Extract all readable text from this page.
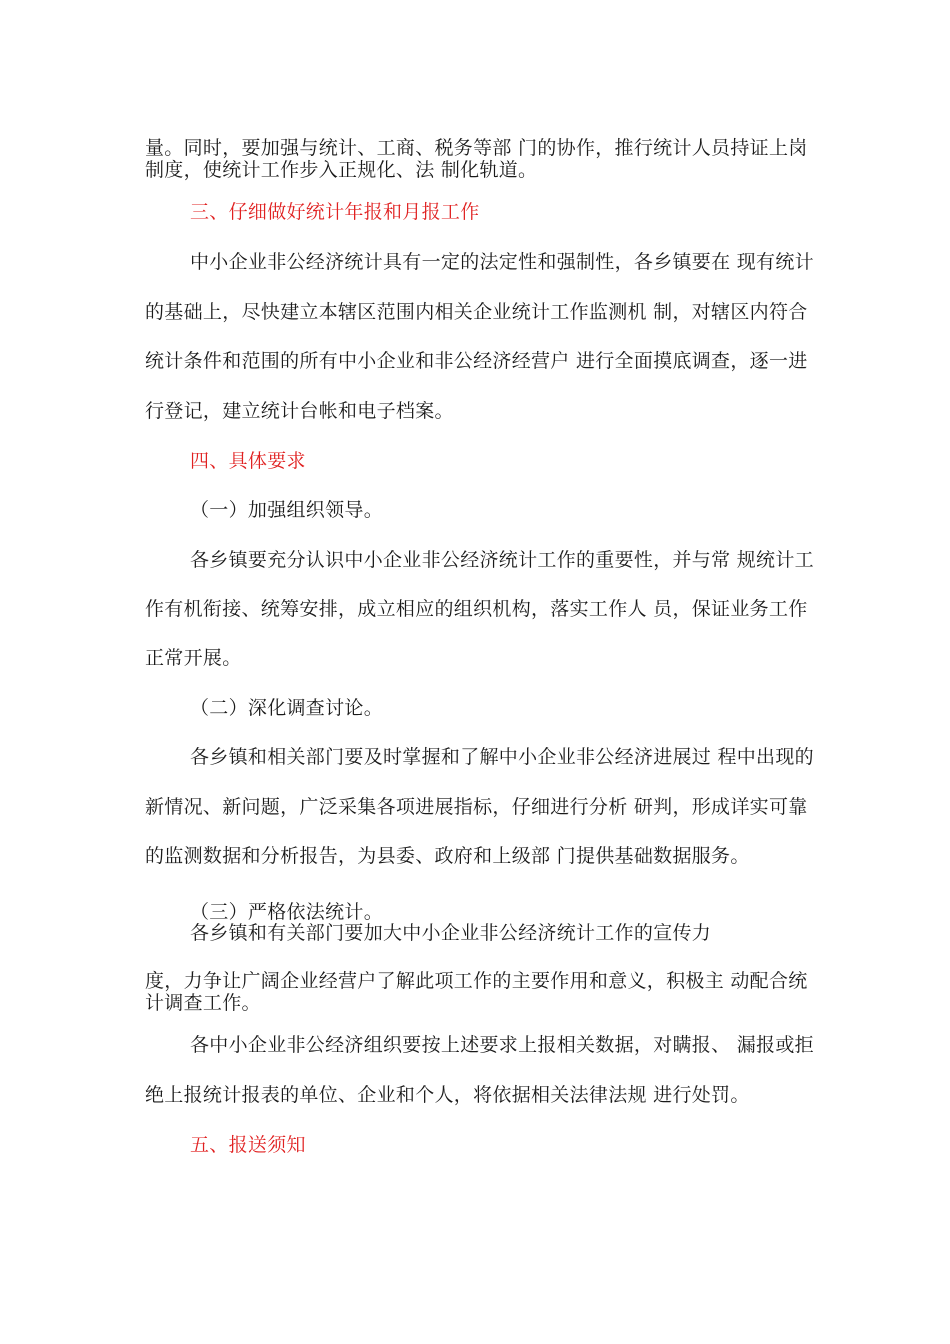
量。同时，要加强与统计、工商、税务等部 门的协作，推行统计人员持证上岗
制度，使统计工作步入正规化、法 制化轨道。
三、仔细做好统计年报和月报工作
中小企业非公经济统计具有一定的法定性和强制性，各乡镇要在 现有统计
的基础上，尽快建立本辖区范围内相关企业统计工作监测机 制，对辖区内符合
统计条件和范围的所有中小企业和非公经济经营户 进行全面摸底调查，逐一进
行登记，建立统计台帐和电子档案。
四、具体要求
（一）加强组织领导。
各乡镇要充分认识中小企业非公经济统计工作的重要性，并与常 规统计工
作有机衔接、统筹安排，成立相应的组织机构，落实工作人 员，保证业务工作
正常开展。
（二）深化调查讨论。
各乡镇和相关部门要及时掌握和了解中小企业非公经济进展过 程中出现的
新情况、新问题，广泛采集各项进展指标，仔细进行分析 研判，形成详实可靠
的监测数据和分析报告，为县委、政府和上级部 门提供基础数据服务。
（三）严格依法统计。
各乡镇和有关部门要加大中小企业非公经济统计工作的宣传力
度，力争让广阔企业经营户了解此项工作的主要作用和意义，积极主 动配合统
计调查工作。
各中小企业非公经济组织要按上述要求上报相关数据，对瞒报、 漏报或拒
绝上报统计报表的单位、企业和个人，将依据相关法律法规 进行处罚。
五、报送须知
